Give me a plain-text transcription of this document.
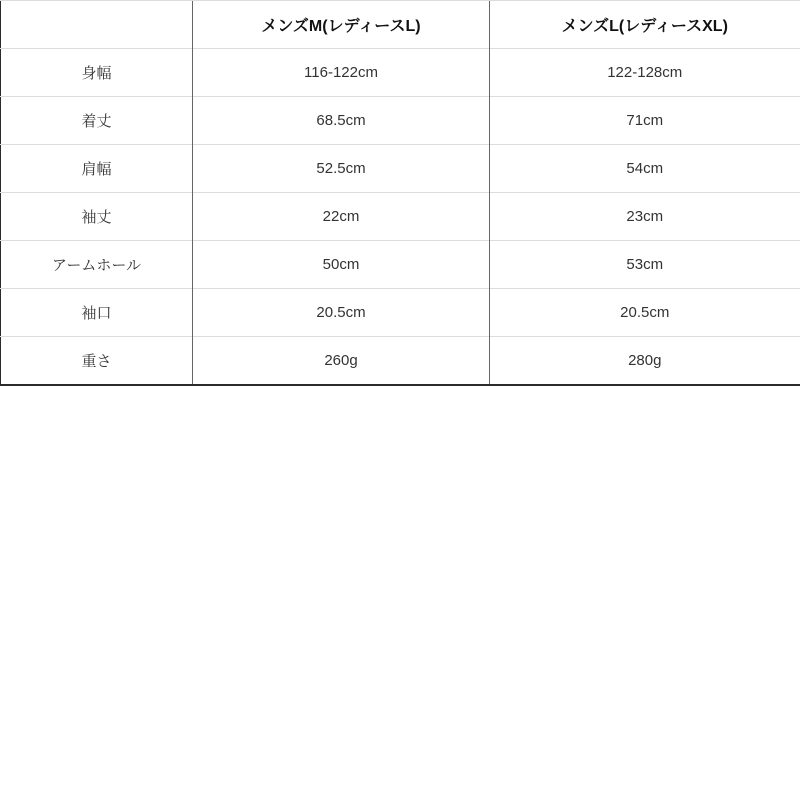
	メンズM(レディースL)	メンズL(レディースXL)
身幅	116-122cm	122-128cm
着丈	68.5cm	71cm
肩幅	52.5cm	54cm
袖丈	22cm	23cm
アームホール	50cm	53cm
袖口	20.5cm	20.5cm
重さ	260g	280g
